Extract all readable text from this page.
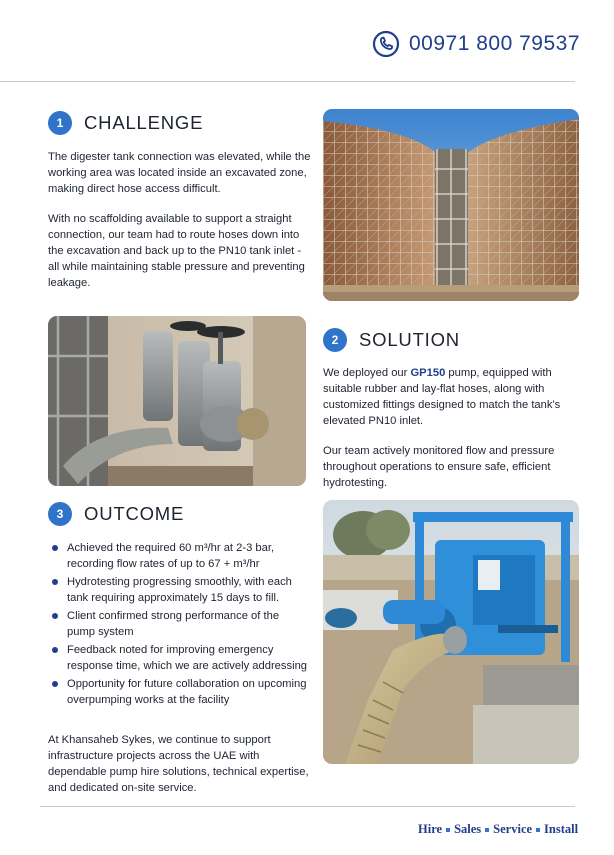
00971 800 79537
1	CHALLENGE

The digester tank connection was elevated, while the working area was located inside an excavated zone, making direct hose access difficult.

With no scaffolding available to support a straight connection, our team had to route hoses down into the excavation and back up to the PN10 tank inlet - all while maintaining stable pressure and preventing leakage.

2	SOLUTION

We deployed our GP150 pump, equipped with suitable rubber and lay-flat hoses, along with customized fittings designed to match the tank's elevated PN10 inlet.

Our team actively monitored flow and pressure throughout operations to ensure safe, efficient hydrotesting.

3	OUTCOME
Achieved the required 60 m³/hr at 2-3 bar, recording flow rates of up to 67 + m³/hr
Hydrotesting progressing smoothly, with each tank requiring approximately 15 days to fill.
Client confirmed strong performance of the pump system
Feedback noted for improving emergency response time, which we are actively addressing
Opportunity for future collaboration on upcoming overpumping works at the facility

At Khansaheb Sykes, we continue to support infrastructure projects across the UAE with dependable pump hire solutions, technical expertise, and dedicated on-site service.

Hire Sales Service Install
